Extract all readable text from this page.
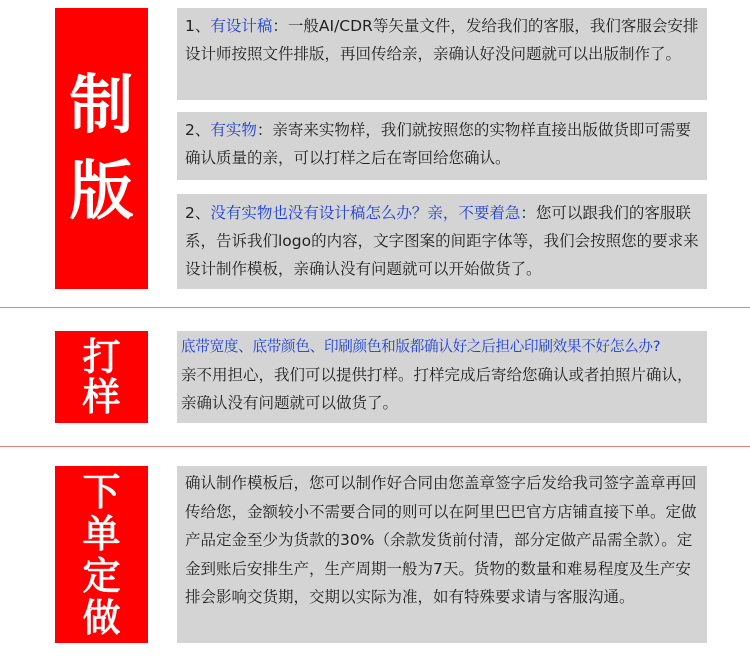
制版
1、有设计稿：一般AI/CDR等矢量文件，发给我们的客服，我们客服会安排设计师按照文件排版，再回传给亲，亲确认好没问题就可以出版制作了。
2、有实物：亲寄来实物样，我们就按照您的实物样直接出版做货即可需要确认质量的亲，可以打样之后在寄回给您确认。
2、没有实物也没有设计稿怎么办？亲，不要着急：您可以跟我们的客服联系，告诉我们logo的内容，文字图案的间距字体等，我们会按照您的要求来设计制作模板，亲确认没有问题就可以开始做货了。
打
样
底带宽度、底带颜色、印刷颜色和版都确认好之后担心印刷效果不好怎么办?
亲不用担心，我们可以提供打样。打样完成后寄给您确认或者拍照片确认，亲确认没有问题就可以做货了。
下
单
定
做
确认制作模板后，您可以制作好合同由您盖章签字后发给我司签字盖章再回传给您，金额较小不需要合同的则可以在阿里巴巴官方店铺直接下单。定做产品定金至少为货款的30%（余款发货前付清，部分定做产品需全款）。定金到账后安排生产，生产周期一般为7天。货物的数量和难易程度及生产安排会影响交货期，交期以实际为准，如有特殊要求请与客服沟通。
